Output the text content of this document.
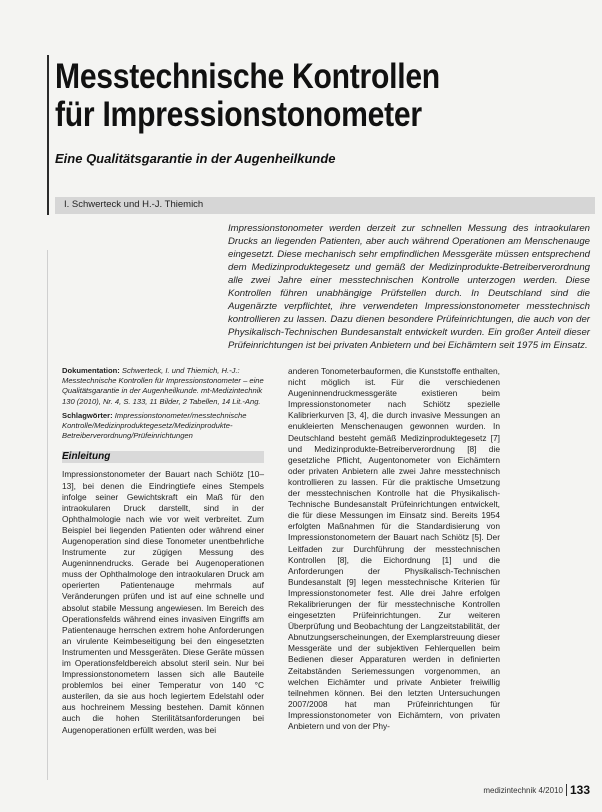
Messtechnische Kontrollen
für Impressionstonometer
Eine Qualitätsgarantie in der Augenheilkunde
I. Schwerteck und H.-J. Thiemich
Impressionstonometer werden derzeit zur schnellen Messung des intraokularen Drucks an liegenden Patienten, aber auch während Operationen am Menschenauge eingesetzt. Diese mechanisch sehr empfindlichen Messgeräte müssen entsprechend dem Medizinproduktegesetz und gemäß der Medizinprodukte-Betreiberverordnung alle zwei Jahre einer messtechnischen Kontrolle unterzogen werden. Diese Kontrollen führen unabhängige Prüfstellen durch. In Deutschland sind die Augenärzte verpflichtet, ihre verwendeten Impressionstonometer messtechnisch kontrollieren zu lassen. Dazu dienen besondere Prüfeinrichtungen, die auch von der Physikalisch-Technischen Bundesanstalt entwickelt wurden. Ein großer Anteil dieser Prüfeinrichtungen ist bei privaten Anbietern und bei Eichämtern seit 1975 im Einsatz.

Dokumentation: Schwerteck, I. und Thiemich, H.-J.: Messtechnische Kontrollen für Impressionstonometer – eine Qualitätsgarantie in der Augenheilkunde. mt-Medizintechnik 130 (2010), Nr. 4, S. 133, 11 Bilder, 2 Tabellen, 14 Lit.-Ang.

Schlagwörter: Impressionstonometer/messtechnische Kontrolle/Medizinproduktegesetz/Medizinprodukte-Betreiberverordnung/Prüfeinrichtungen

Einleitung

Impressionstonometer der Bauart nach Schiötz [10–13], bei denen die Eindringtiefe eines Stempels infolge seiner Gewichtskraft ein Maß für den intraokularen Druck darstellt, sind in der Ophthalmologie nach wie vor weit verbreitet. Zum Beispiel bei liegenden Patienten oder während einer Augenoperation sind diese Tonometer unentbehrliche Instrumente zur zügigen Messung des Augeninnendrucks. Gerade bei Augenoperationen muss der Ophthalmologe den intraokularen Druck am operierten Patientenauge mehrmals auf Veränderungen prüfen und ist auf eine schnelle und absolut stabile Messung angewiesen. Im Bereich des Operationsfelds während eines invasiven Eingriffs am Patientenauge herrschen extrem hohe Anforderungen an virulente Keimbeseitigung bei den eingesetzten Instrumenten und Messgeräten. Diese Geräte müssen im Operationsfeldbereich absolut steril sein. Nur bei Impressionstonometern lassen sich alle Bauteile problemlos bei einer Temperatur von 140 °C austerilen, da sie aus hoch legiertem Edelstahl oder aus hochreinem Messing bestehen. Damit können auch die hohen Sterilitätsanforderungen bei Augenoperationen erfüllt werden, was bei

anderen Tonometerbauformen, die Kunststoffe enthalten, nicht möglich ist. Für die verschiedenen Augeninnendruckmessgeräte existieren beim Impressionstonometer nach Schiötz spezielle Kalibrierkurven [3, 4], die durch invasive Messungen an enukleierten Menschenaugen gewonnen wurden. In Deutschland besteht gemäß Medizinproduktegesetz [7] und Medizinprodukte-Betreiberverordnung [8] die gesetzliche Pflicht, Augentonometer von Eichämtern oder privaten Anbietern alle zwei Jahre messtechnisch kontrollieren zu lassen. Für die praktische Umsetzung der messtechnischen Kontrolle hat die Physikalisch-Technische Bundesanstalt Prüfeinrichtungen entwickelt, die für diese Messungen im Einsatz sind. Bereits 1954 erfolgten Maßnahmen für die Standardisierung von Impressionstonometern der Bauart nach Schiötz [5]. Der Leitfaden zur Durchführung der messtechnischen Kontrollen [8], die Eichordnung [1] und die Anforderungen der Physikalisch-Technischen Bundesanstalt [9] legen messtechnische Kriterien für Impressionstonometer fest. Alle drei Jahre erfolgen Rekalibrierungen der für messtechnische Kontrollen eingesetzten Prüfeinrichtungen. Zur weiteren Überprüfung und Beobachtung der Langzeitstabilität, der Abnutzungserscheinungen, der Exemplarstreuung dieser Messgeräte und der subjektiven Fehlerquellen beim Bedienen dieser Apparaturen werden in definierten Zeitabständen Seriemessungen vorgenommen, an welchen Eichämter und private Anbieter freiwillig teilnehmen können. Bei den letzten Untersuchungen 2007/2008 hat man Prüfeinrichtungen für Impressionstonometer von Eichämtern, von privaten Anbietern und von der Phy-

medizintechnik 4/2010 133
